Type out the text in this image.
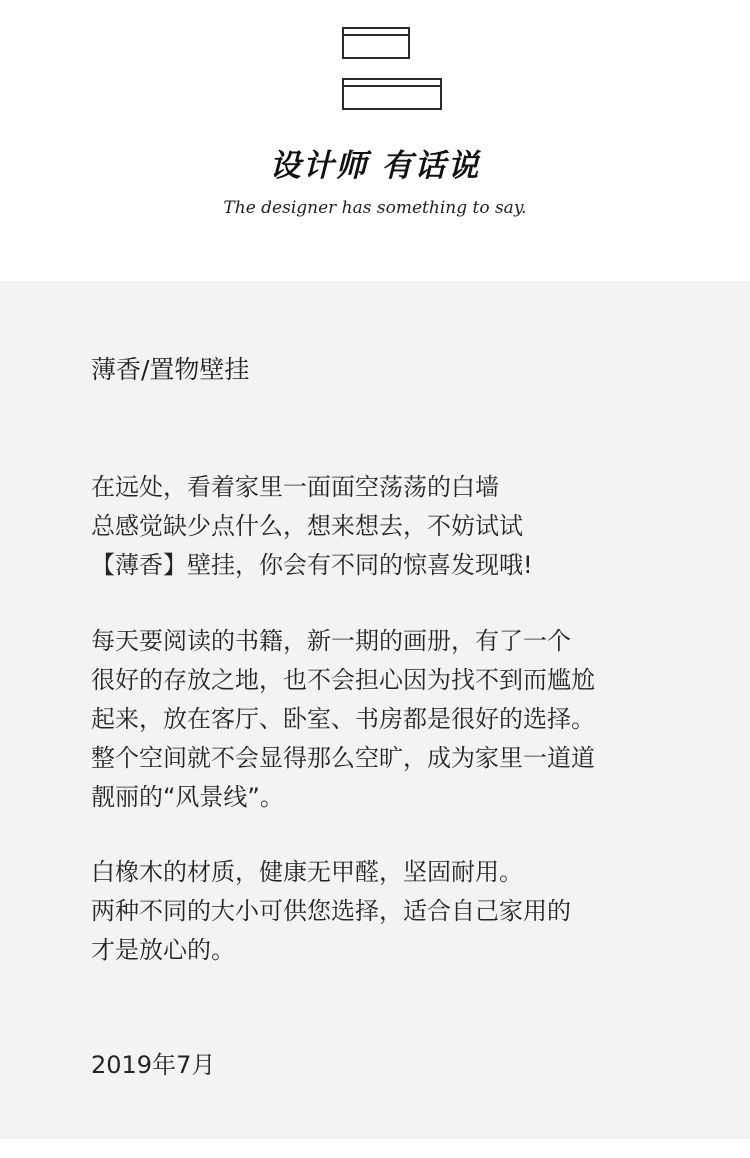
设计师 有话说
The designer has something to say.
薄香/置物壁挂
在远处，看着家里一面面空荡荡的白墙
总感觉缺少点什么，想来想去，不妨试试
【薄香】壁挂，你会有不同的惊喜发现哦!
每天要阅读的书籍，新一期的画册，有了一个
很好的存放之地，也不会担心因为找不到而尴尬
起来，放在客厅、卧室、书房都是很好的选择。
整个空间就不会显得那么空旷，成为家里一道道
靓丽的“风景线”。
白橡木的材质，健康无甲醛，坚固耐用。
两种不同的大小可供您选择，适合自己家用的
才是放心的。
2019年7月
